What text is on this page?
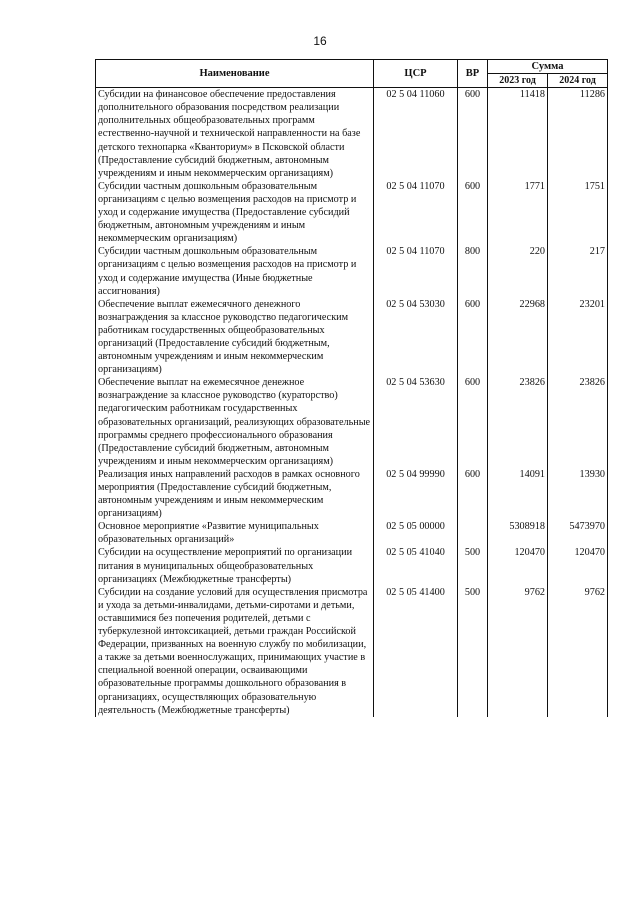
16
Наименование	ЦСР	ВР	Сумма	
			2023 год	2024 год
Субсидии на финансовое обеспечение предоставления дополнительного образования посредством реализации дополнительных общеобразовательных программ естественно-научной и технической направленности на базе детского технопарка «Кванториум» в Псковской области (Предоставление субсидий бюджетным, автономным учреждениям и иным некоммерческим организациям)	02 5 04 11060	600	11418	11286
Субсидии частным дошкольным образовательным организациям с целью возмещения расходов на присмотр и уход и содержание имущества (Предоставление субсидий бюджетным, автономным учреждениям и иным некоммерческим организациям)	02 5 04 11070	600	1771	1751
Субсидии частным дошкольным образовательным организациям с целью возмещения расходов на присмотр и уход и содержание имущества (Иные бюджетные ассигнования)	02 5 04 11070	800	220	217
Обеспечение выплат ежемесячного денежного вознаграждения за классное руководство педагогическим работникам государственных общеобразовательных организаций (Предоставление субсидий бюджетным, автономным учреждениям и иным некоммерческим организациям)	02 5 04 53030	600	22968	23201
Обеспечение выплат на ежемесячное денежное вознаграждение за классное руководство (кураторство) педагогическим работникам государственных образовательных организаций, реализующих образовательные программы среднего профессионального образования (Предоставление субсидий бюджетным, автономным учреждениям и иным некоммерческим организациям)	02 5 04 53630	600	23826	23826
Реализация иных направлений расходов в рамках основного мероприятия (Предоставление субсидий бюджетным, автономным учреждениям и иным некоммерческим организациям)	02 5 04 99990	600	14091	13930
Основное мероприятие «Развитие муниципальных образовательных организаций»	02 5 05 00000		5308918	5473970
Субсидии на осуществление мероприятий по организации питания в муниципальных общеобразовательных организациях (Межбюджетные трансферты)	02 5 05 41040	500	120470	120470
Субсидии на создание условий для осуществления присмотра и ухода за детьми-инвалидами, детьми-сиротами и детьми, оставшимися без попечения родителей, детьми с туберкулезной интоксикацией, детьми граждан Российской Федерации, призванных на военную службу по мобилизации, а также за детьми военнослужащих, принимающих участие в специальной военной операции, осваивающими образовательные программы дошкольного образования в организациях, осуществляющих образовательную деятельность (Межбюджетные трансферты)	02 5 05 41400	500	9762	9762
